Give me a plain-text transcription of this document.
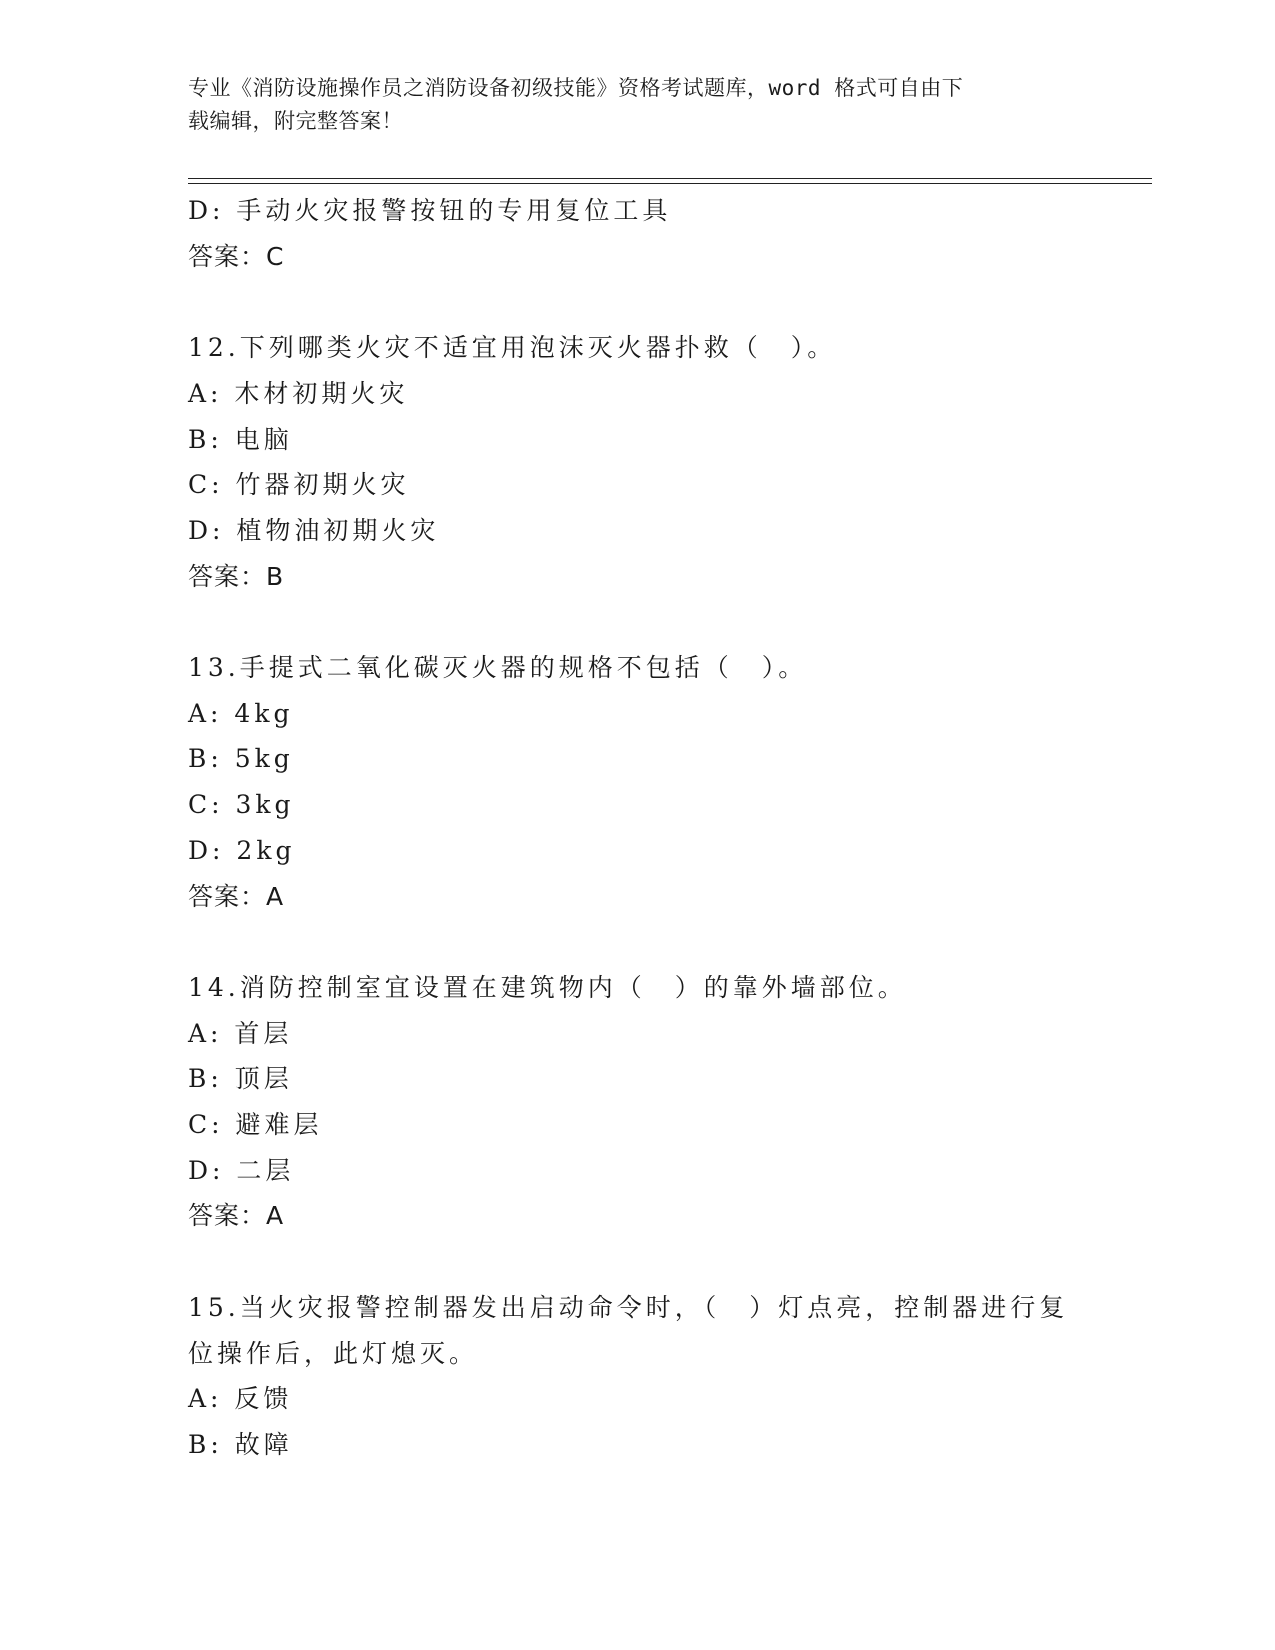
专业《消防设施操作员之消防设备初级技能》资格考试题库，word 格式可自由下
载编辑，附完整答案！
D: 手动火灾报警按钮的专用复位工具
答案：C
12.下列哪类火灾不适宜用泡沫灭火器扑救（　）。
A: 木材初期火灾
B: 电脑
C: 竹器初期火灾
D: 植物油初期火灾
答案：B
13.手提式二氧化碳灭火器的规格不包括（　）。
A: 4kg
B: 5kg
C: 3kg
D: 2kg
答案：A
14.消防控制室宜设置在建筑物内（　）的靠外墙部位。
A: 首层
B: 顶层
C: 避难层
D: 二层
答案：A
15.当火灾报警控制器发出启动命令时，（　）灯点亮，控制器进行复
位操作后，此灯熄灭。
A: 反馈
B: 故障
